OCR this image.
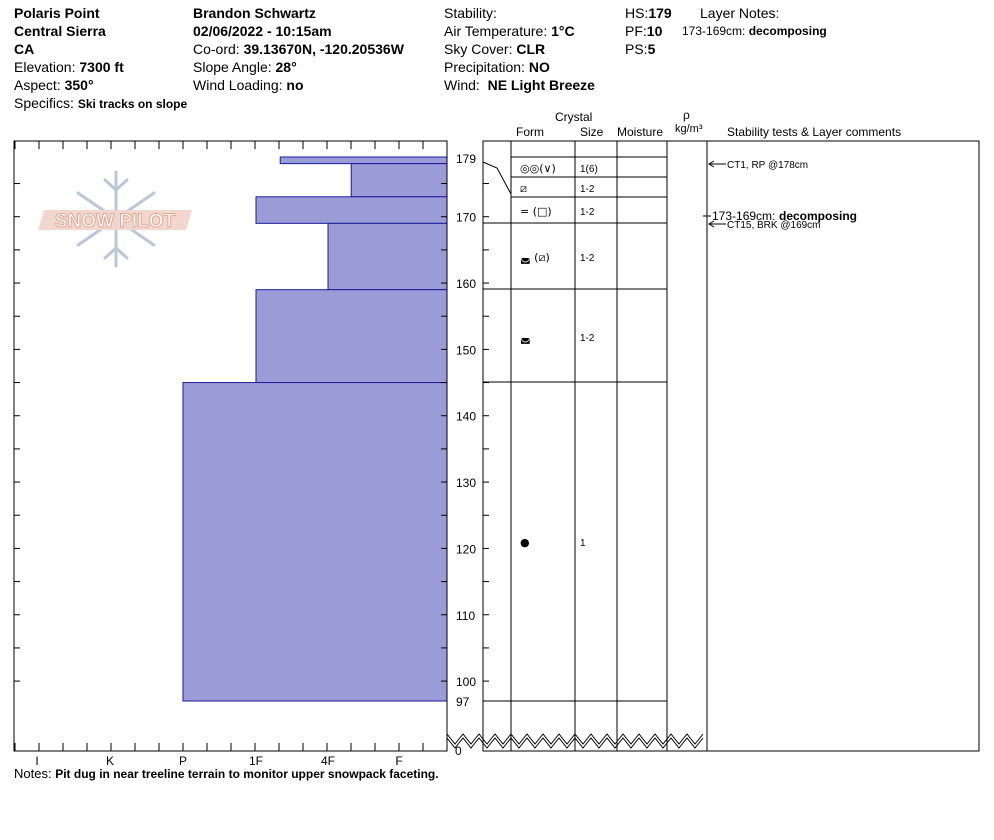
Polaris Point
Central Sierra
CA
Elevation: 7300 ft
Aspect: 350°
Specifics: Ski tracks on slope
Brandon Schwartz
02/06/2022 - 10:15am
Co-ord: 39.13670N, -120.20536W
Slope Angle: 28°
Wind Loading: no
Stability:
Air Temperature: 1°C
Sky Cover: CLR
Precipitation: NO
Wind: NE Light Breeze
HS:179
PF:10
PS:5
Layer Notes:
173-169cm: decomposing
Crystal
Form	Size Moisture
ρ
kg/m³ Stability tests & Layer comments
I	K	P	1F	4F	F
170
160
150
140
130
120
110
100
179
97
0
◎◎(∨) 1(6)
⧄	1-2
= (□)	1-2
◛ (⧄)	1-2
◛	1-2
●	1
CT1, RP @178cm
CT15, BRK @169cm
173-169cm: decomposing
SNOW PILOT
Notes: Pit dug in near treeline terrain to monitor upper snowpack faceting.
